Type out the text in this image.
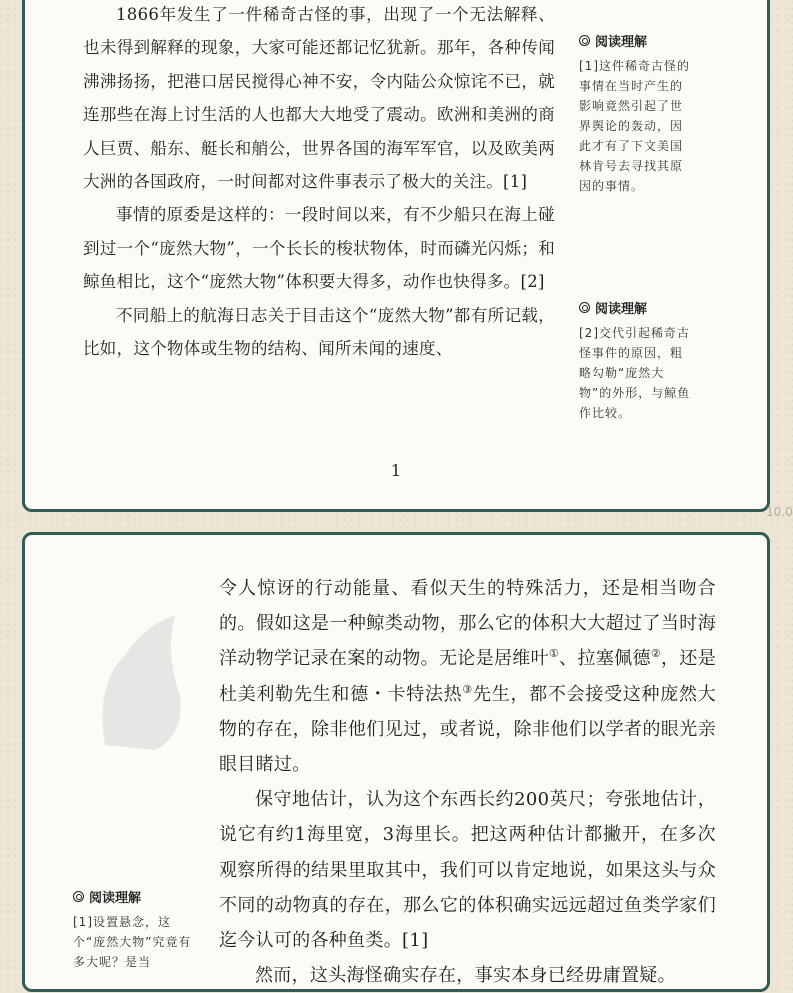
1866年发生了一件稀奇古怪的事，出现了一个无法解释、也未得到解释的现象，大家可能还都记忆犹新。那年，各种传闻沸沸扬扬，把港口居民搅得心神不安，令内陆公众惊诧不已，就连那些在海上讨生活的人也都大大地受了震动。欧洲和美洲的商人巨贾、船东、艇长和艄公，世界各国的海军军官，以及欧美两大洲的各国政府，一时间都对这件事表示了极大的关注。[1]

事情的原委是这样的：一段时间以来，有不少船只在海上碰到过一个“庞然大物”，一个长长的梭状物体，时而磷光闪烁；和鲸鱼相比，这个“庞然大物”体积要大得多，动作也快得多。[2]

不同船上的航海日志关于目击这个“庞然大物”都有所记载，比如，这个物体或生物的结构、闻所未闻的速度、

阅读理解
[1]这件稀奇古怪的事情在当时产生的影响竟然引起了世界舆论的轰动，因此才有了下文美国林肯号去寻找其原因的事情。
阅读理解
[2]交代引起稀奇古怪事件的原因，粗略勾勒“庞然大物”的外形，与鲸鱼作比较。
1
10.0

令人惊讶的行动能量、看似天生的特殊活力，还是相当吻合的。假如这是一种鲸类动物，那么它的体积大大超过了当时海洋动物学记录在案的动物。无论是居维叶①、拉塞佩德②，还是杜美利勒先生和德・卡特法热③先生，都不会接受这种庞然大物的存在，除非他们见过，或者说，除非他们以学者的眼光亲眼目睹过。

保守地估计，认为这个东西长约200英尺；夸张地估计，说它有约1海里宽，3海里长。把这两种估计都撇开，在多次观察所得的结果里取其中，我们可以肯定地说，如果这头与众不同的动物真的存在，那么它的体积确实远远超过鱼类学家们迄今认可的各种鱼类。[1]

然而，这头海怪确实存在，事实本身已经毋庸置疑。

阅读理解
[1]设置悬念，这个“庞然大物”究竟有多大呢？是当
